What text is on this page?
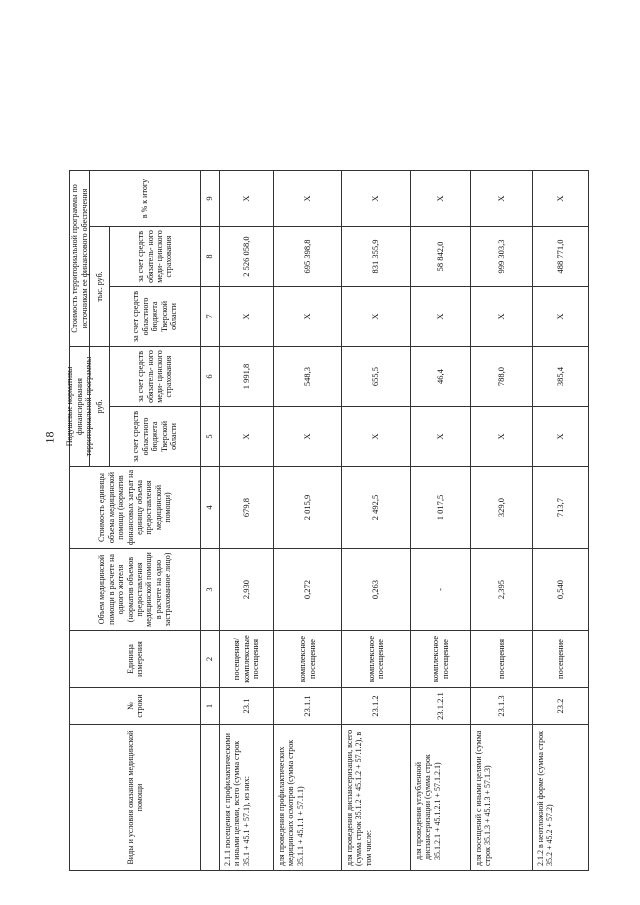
18
Виды и условия оказания медицинской помощи
№ строки
Единица измерения
Объем медицинской помощи в расчете на одного жителя (норматив объемов предоставления медицинской помощи в расчете на одно застрахованное лицо)
Стоимость единицы объема медицинской помощи (норматив финансовых затрат на единицу объема предоставления медицинской помощи)
Подушевые нормативы финансирования территориальной программы руб.
за счет средств областного бюджета Тверской области
за счет средств обязатель- ного меди- цинского страхования
Стоимость территориальной программы по источникам ее финансового обеспечения тыс. руб.
за счет средств областного бюджета Тверской области
за счет средств обязатель- ного меди- цинского страхования
в % к итогу
1
2
3
4
5
6
7
8
9
2.1.1 посещения с профилактическими и иными целями, всего (сумма строк 35.1 + 45.1 + 57.1), из них:
23.1
посещения/ комплексные посещения
2,930
679,8
X
1 991,8
X
2 526 058,0
X
для проведения профилактических медицинских осмотров (сумма строк 35.1.1 + 45.1.1 + 57.1.1)
23.1.1
комплексное посещение
0,272
2 015,9
X
548,3
X
695 398,8
X
для проведения диспансеризации, всего (сумма строк 35.1.2 + 45.1.2 + 57.1.2), в том числе:
23.1.2
комплексное посещение
0,263
2 492,5
X
655,5
X
831 355,9
X
для проведения углубленной диспансеризации (сумма строк 35.1.2.1 + 45.1.2.1 + 57.1.2.1)
23.1.2.1
комплексное посещение
-
1 017,5
X
46,4
X
58 842,0
X
для посещений с иными целями (сумма строк 35.1.3 + 45.1.3 + 57.1.3)
23.1.3
посещения
2,395
329,0
X
788,0
X
999 303,3
X
2.1.2 в неотложной форме (сумма строк 35.2 + 45.2 + 57.2)
23.2
посещение
0,540
713,7
X
385,4
X
488 771,0
X
